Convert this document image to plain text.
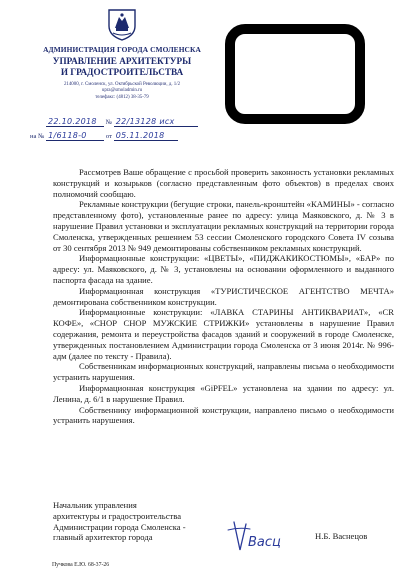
АДМИНИСТРАЦИЯ ГОРОДА СМОЛЕНСКА
УПРАВЛЕНИЕ АРХИТЕКТУРЫ
И ГРАДОСТРОИТЕЛЬСТВА
214000, г. Смоленск, ул. Октябрьской Революции, д. 1/2
upra@smoladmin.ru
телефакс: (4812) 38-35-79
22.10.2018 № 22/13128 исх
на № 1/6118-0	от 05.11.2018

Рассмотрев Ваше обращение с просьбой проверить законность установки рекламных конструкций и козырьков (согласно представленным фото объектов) в пределах своих полномочий сообщаю.

Рекламные конструкции (бегущие строки, панель-кронштейн «КАМИНЫ» - согласно представленному фото), установленные ранее по адресу: улица Маяковского, д. № 3 в нарушение Правил установки и эксплуатации рекламных конструкций на территории города Смоленска, утвержденных решением 53 сессии Смоленского городского Совета IV созыва от 30 сентября 2013 № 949 демонтированы собственником рекламных конструкций.

Информационные конструкции: «ЦВЕТЫ», «ПИДЖАКИКОСТЮМЫ», «БАР» по адресу: ул. Маяковского, д. № 3, установлены на основании оформленного и выданного паспорта фасада на здание.

Информационная конструкция «ТУРИСТИЧЕСКОЕ АГЕНТСТВО МЕЧТА» демонтирована собственником конструкции.

Информационные конструкции: «ЛАВКА СТАРИНЫ АНТИКВАРИАТ», «CR КОФЕ», «СНОР СНОР МУЖСКИЕ СТРИЖКИ» установлены в нарушение Правил содержания, ремонта и переустройства фасадов зданий и сооружений в городе Смоленске, утвержденных постановлением Администрации города Смоленска от 3 июня 2014г. № 996-адм (далее по тексту - Правила).

Собственникам информационных конструкций, направлены письма о необходимости устранить нарушения.

Информационная конструкция «GiPFEL» установлена на здании по адресу: ул. Ленина, д. 6/1 в нарушение Правил.

Собственнику информационной конструкции, направлено письмо о необходимости устранить нарушения.

Начальник управления
архитектуры и градостроительства
Администрации города Смоленска -
главный архитектор города	Васц	Н.Б. Васнецов
Пучкова Е.Ю. 68-37-26
